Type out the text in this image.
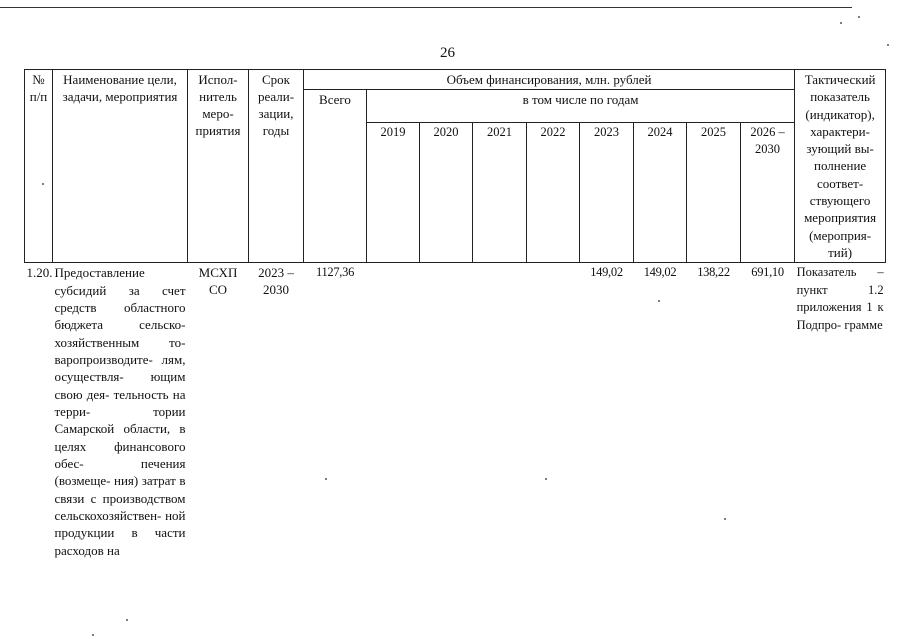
26
№ п/п	Наименование цели, задачи, мероприятия	Испол- нитель меро- приятия	Срок реали- зации, годы	Объем финансирования, млн. рублей									Тактический показатель (индикатор), характери- зующий вы- полнение соответ- ствующего мероприятия (мероприя- тий)
				Всего	в том числе по годам								
					2019	2020	2021	2022	2023	2024	2025	2026 – 2030	
1.20.	Предоставление субсидий за счет средств областного бюджета сельско- хозяйственным то- варопроизводите- лям, осуществля- ющим свою дея- тельность на терри- тории Самарской области, в целях финансового обес- печения (возмеще- ния) затрат в связи с производством сельскохозяйствен- ной продукции в части расходов на	МСХП СО	2023 – 2030	1127,36					149,02	149,02	138,22	691,10	Показатель – пункт 1.2 приложения 1 к Подпро- грамме
